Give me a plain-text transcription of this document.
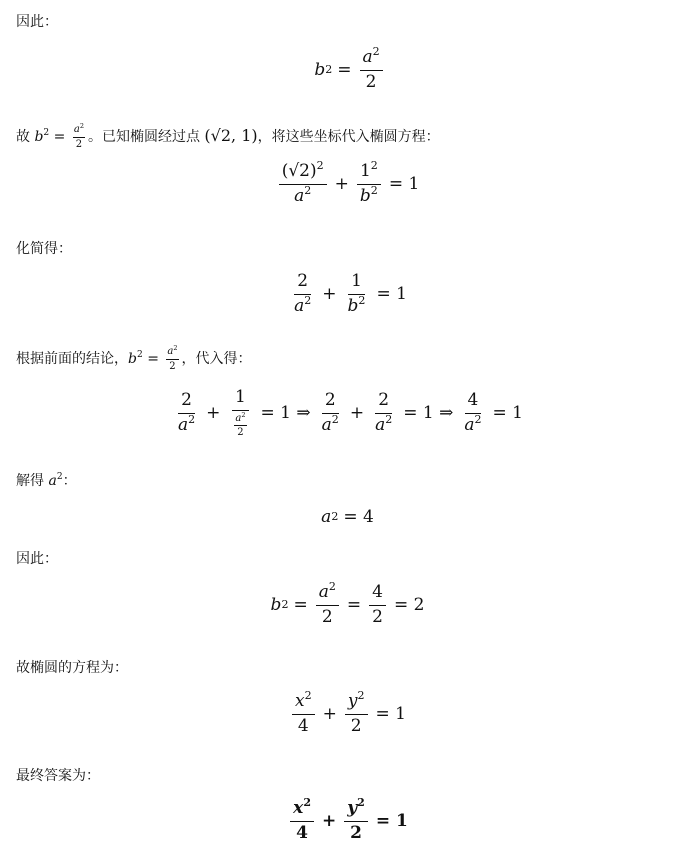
因此：
b $2 = \frac{a^2}{2}$
故 $b^2 = \frac{a^2}{2}$ 。已知椭圆经过点 (√2, 1)，将这些坐标代入椭圆方程：
$\frac{(√2)^2}{a^2} + \frac{1^2}{b^2} = 1$
化简得：
$\frac{2}{a^2} + \frac{1}{b^2} = 1$
根据前面的结论，$b^2 = \frac{a^2}{2}$ ，代入得：
$\frac{2}{a^2} + \frac{1}{\frac{a^2}{2}} = 1$ ⇒ $\frac{2}{a^2} + \frac{2}{a^2} = 1$ ⇒ $\frac{4}{a^2} = 1$
解得 $a^2$：
a 2 = 4
因此：
b $2 = \frac{a^2}{2} = \frac{4}{2} = 2$
故椭圆的方程为：
$\frac{x^2}{4} + \frac{y^2}{2} = 1$
最终答案为：
$\frac{x^2}{4} + \frac{y^2}{2} = 1$
